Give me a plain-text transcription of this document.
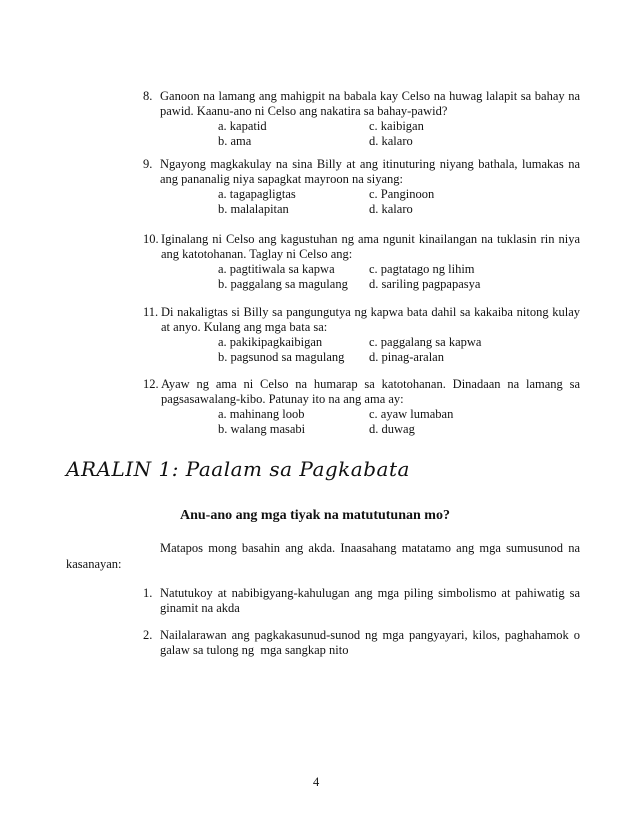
8. Ganoon na lamang ang mahigpit na babala kay Celso na huwag lalapit sa bahay na
pawid. Kaanu-ano ni Celso ang nakatira sa bahay-pawid?
a. kapatid	c. kaibigan
b. ama	d. kalaro
9. Ngayong magkakulay na sina Billy at ang itinuturing niyang bathala, lumakas na
ang pananalig niya sapagkat mayroon na siyang:
a. tagapagligtas	c. Panginoon
b. malalapitan	d. kalaro
10. Iginalang ni Celso ang kagustuhan ng ama ngunit kinailangan na tuklasin rin niya
ang katotohanan. Taglay ni Celso ang:
a. pagtitiwala sa kapwa	c. pagtatago ng lihim
b. paggalang sa magulang d. sariling pagpapasya
11. Di nakaligtas si Billy sa pangungutya ng kapwa bata dahil sa kakaiba nitong kulay
at anyo. Kulang ang mga bata sa:
a. pakikipagkaibigan	c. paggalang sa kapwa
b. pagsunod sa magulang d. pinag-aralan
12. Ayaw ng ama ni Celso na humarap sa katotohanan. Dinadaan na lamang sa
pagsasawalang-kibo. Patunay ito na ang ama ay:
a. mahinang loob	c. ayaw lumaban
b. walang masabi	d. duwag
ARALIN 1: Paalam sa Pagkabata
Anu-ano ang mga tiyak na matututunan mo?
Matapos mong basahin ang akda. Inaasahang matatamo ang mga sumusunod na
kasanayan:
1. Natutukoy at nabibigyang-kahulugan ang mga piling simbolismo at pahiwatig sa
ginamit na akda
2. Nailalarawan ang pagkakasunud-sunod ng mga pangyayari, kilos, paghahamok o
galaw sa tulong ng  mga sangkap nito
4
